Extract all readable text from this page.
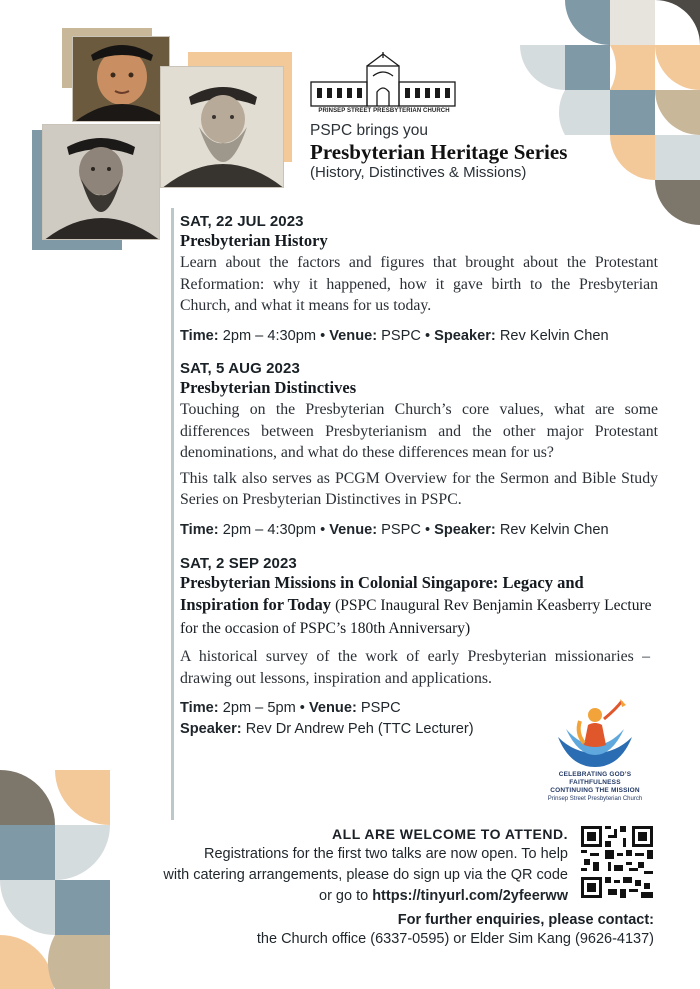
PRINSEP STREET PRESBYTERIAN CHURCH
PSPC brings you
Presbyterian Heritage Series
(History, Distinctives & Missions)
SAT, 22 JUL 2023
Presbyterian History
Learn about the factors and figures that brought about the Protestant Reformation: why it happened, how it gave birth to the Presbyterian Church, and what it means for us today.
Time: 2pm – 4:30pm • Venue: PSPC • Speaker: Rev Kelvin Chen
SAT, 5 AUG 2023
Presbyterian Distinctives
Touching on the Presbyterian Church’s core values, what are some differences between Presbyterianism and the other major Protestant denominations, and what do these differences mean for us?
This talk also serves as PCGM Overview for the Sermon and Bible Study Series on Presbyterian Distinctives in PSPC.
Time: 2pm – 4:30pm • Venue: PSPC • Speaker: Rev Kelvin Chen
SAT, 2 SEP 2023
Presbyterian Missions in Colonial Singapore: Legacy and Inspiration for Today (PSPC Inaugural Rev Benjamin Keasberry Lecture for the occasion of PSPC’s 180th Anniversary)
A historical survey of the work of early Presbyterian missionaries – drawing out lessons, inspiration and applications.
Time: 2pm – 5pm • Venue: PSPC
Speaker: Rev Dr Andrew Peh (TTC Lecturer)
CELEBRATING GOD’S
FAITHFULNESS
CONTINUING THE MISSION
Prinsep Street Presbyterian Church
ALL ARE WELCOME TO ATTEND.
Registrations for the first two talks are now open. To help
with catering arrangements, please do sign up via the QR code
or go to https://tinyurl.com/2yfeerww
For further enquiries, please contact:
the Church office (6337-0595) or Elder Sim Kang (9626-4137)
